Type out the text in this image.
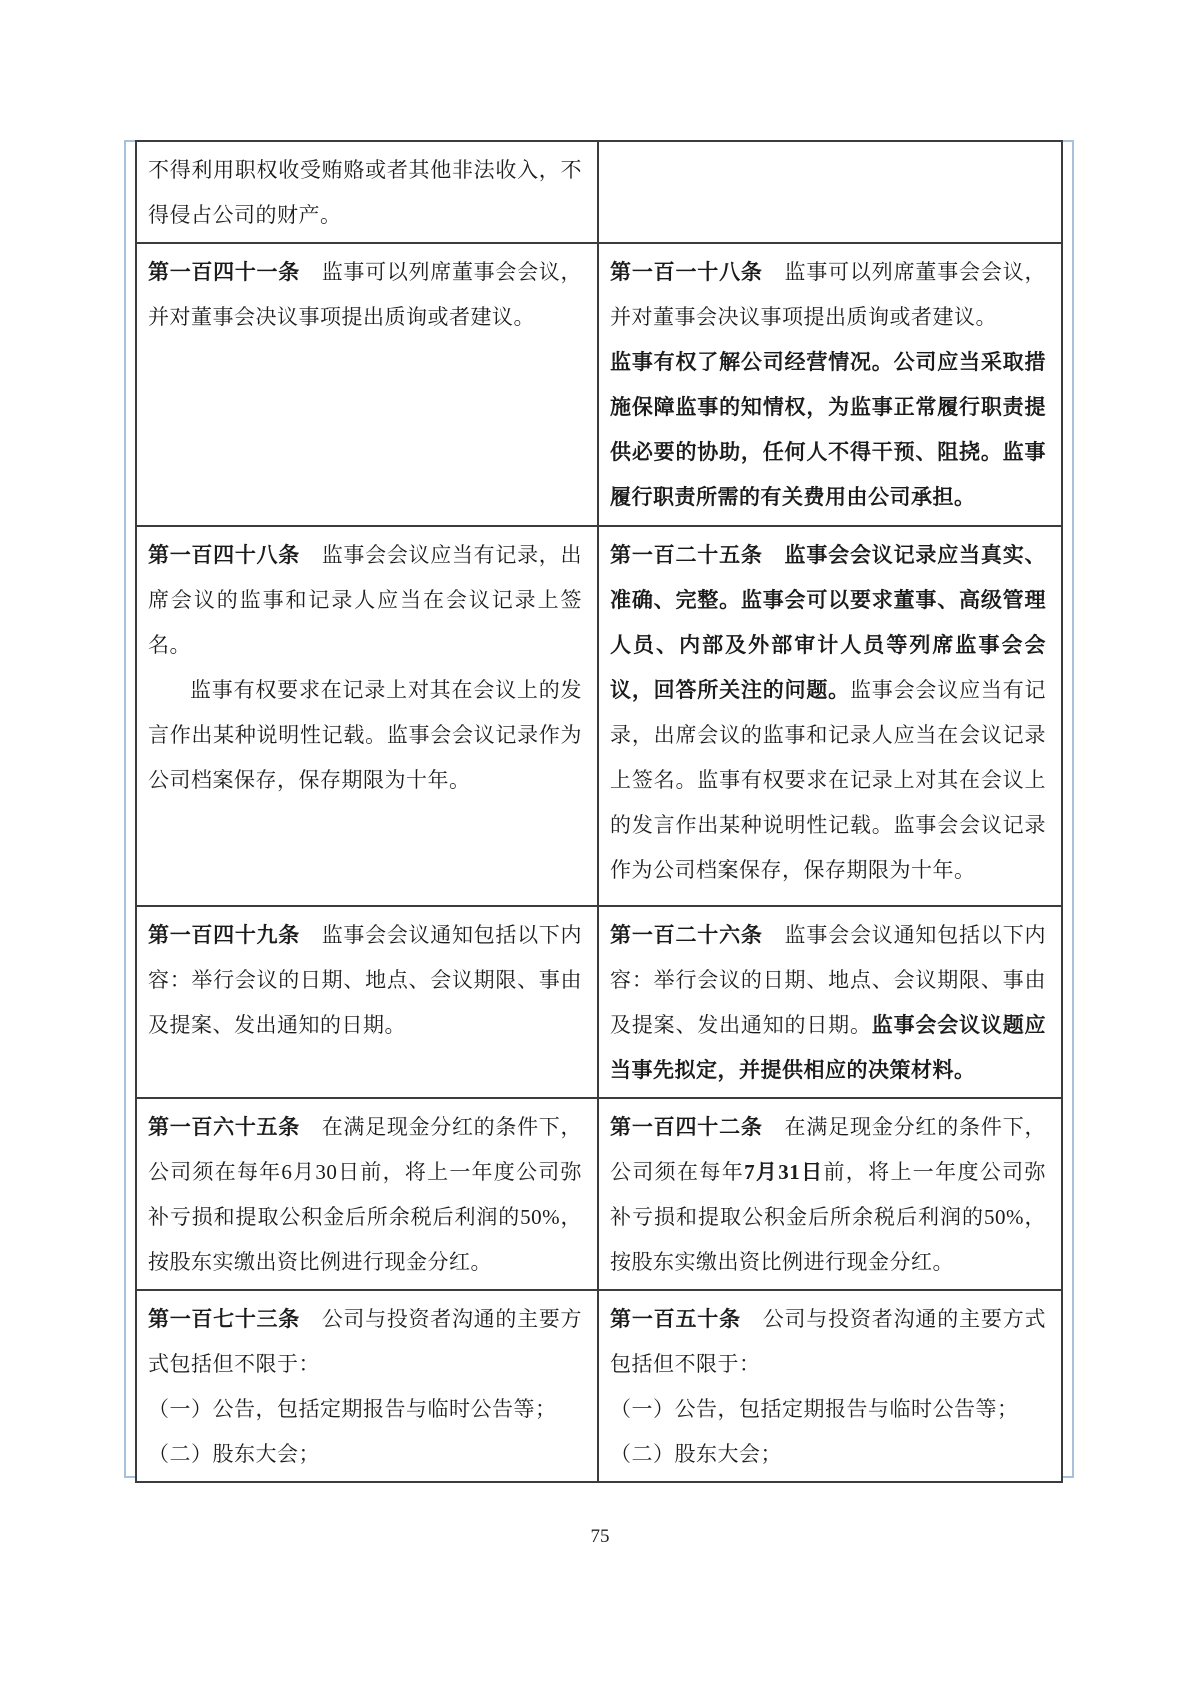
不得利用职权收受贿赂或者其他非法收入，不得侵占公司的财产。

第一百四十一条　监事可以列席董事会会议，并对董事会决议事项提出质询或者建议。

第一百一十八条　监事可以列席董事会会议，并对董事会决议事项提出质询或者建议。

监事有权了解公司经营情况。公司应当采取措施保障监事的知情权，为监事正常履行职责提供必要的协助，任何人不得干预、阻挠。监事履行职责所需的有关费用由公司承担。

第一百四十八条　监事会会议应当有记录，出席会议的监事和记录人应当在会议记录上签名。

监事有权要求在记录上对其在会议上的发言作出某种说明性记载。监事会会议记录作为公司档案保存，保存期限为十年。

第一百二十五条　监事会会议记录应当真实、准确、完整。监事会可以要求董事、高级管理人员、内部及外部审计人员等列席监事会会议，回答所关注的问题。监事会会议应当有记录，出席会议的监事和记录人应当在会议记录上签名。监事有权要求在记录上对其在会议上的发言作出某种说明性记载。监事会会议记录作为公司档案保存，保存期限为十年。

第一百四十九条　监事会会议通知包括以下内容：举行会议的日期、地点、会议期限、事由及提案、发出通知的日期。

第一百二十六条　监事会会议通知包括以下内容：举行会议的日期、地点、会议期限、事由及提案、发出通知的日期。监事会会议议题应当事先拟定，并提供相应的决策材料。

第一百六十五条　在满足现金分红的条件下，公司须在每年6月30日前，将上一年度公司弥补亏损和提取公积金后所余税后利润的50%，按股东实缴出资比例进行现金分红。

第一百四十二条　在满足现金分红的条件下，公司须在每年7月31日前，将上一年度公司弥补亏损和提取公积金后所余税后利润的50%，按股东实缴出资比例进行现金分红。

第一百七十三条　公司与投资者沟通的主要方式包括但不限于：

（一）公告，包括定期报告与临时公告等；

（二）股东大会；

第一百五十条　公司与投资者沟通的主要方式包括但不限于：

（一）公告，包括定期报告与临时公告等；

（二）股东大会；

75
